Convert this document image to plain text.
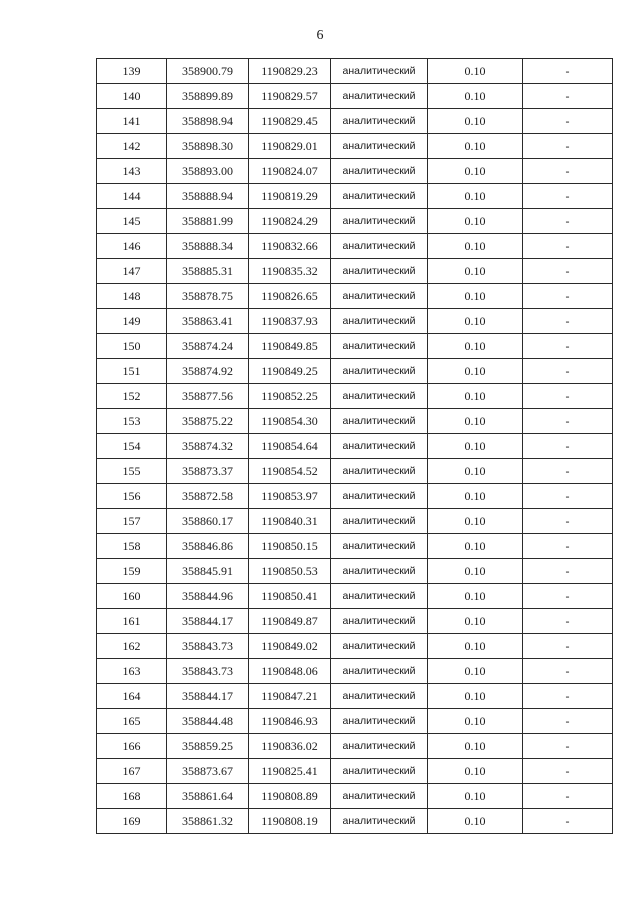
6
139	358900.79	1190829.23	аналитический	0.10	-
140	358899.89	1190829.57	аналитический	0.10	-
141	358898.94	1190829.45	аналитический	0.10	-
142	358898.30	1190829.01	аналитический	0.10	-
143	358893.00	1190824.07	аналитический	0.10	-
144	358888.94	1190819.29	аналитический	0.10	-
145	358881.99	1190824.29	аналитический	0.10	-
146	358888.34	1190832.66	аналитический	0.10	-
147	358885.31	1190835.32	аналитический	0.10	-
148	358878.75	1190826.65	аналитический	0.10	-
149	358863.41	1190837.93	аналитический	0.10	-
150	358874.24	1190849.85	аналитический	0.10	-
151	358874.92	1190849.25	аналитический	0.10	-
152	358877.56	1190852.25	аналитический	0.10	-
153	358875.22	1190854.30	аналитический	0.10	-
154	358874.32	1190854.64	аналитический	0.10	-
155	358873.37	1190854.52	аналитический	0.10	-
156	358872.58	1190853.97	аналитический	0.10	-
157	358860.17	1190840.31	аналитический	0.10	-
158	358846.86	1190850.15	аналитический	0.10	-
159	358845.91	1190850.53	аналитический	0.10	-
160	358844.96	1190850.41	аналитический	0.10	-
161	358844.17	1190849.87	аналитический	0.10	-
162	358843.73	1190849.02	аналитический	0.10	-
163	358843.73	1190848.06	аналитический	0.10	-
164	358844.17	1190847.21	аналитический	0.10	-
165	358844.48	1190846.93	аналитический	0.10	-
166	358859.25	1190836.02	аналитический	0.10	-
167	358873.67	1190825.41	аналитический	0.10	-
168	358861.64	1190808.89	аналитический	0.10	-
169	358861.32	1190808.19	аналитический	0.10	-
